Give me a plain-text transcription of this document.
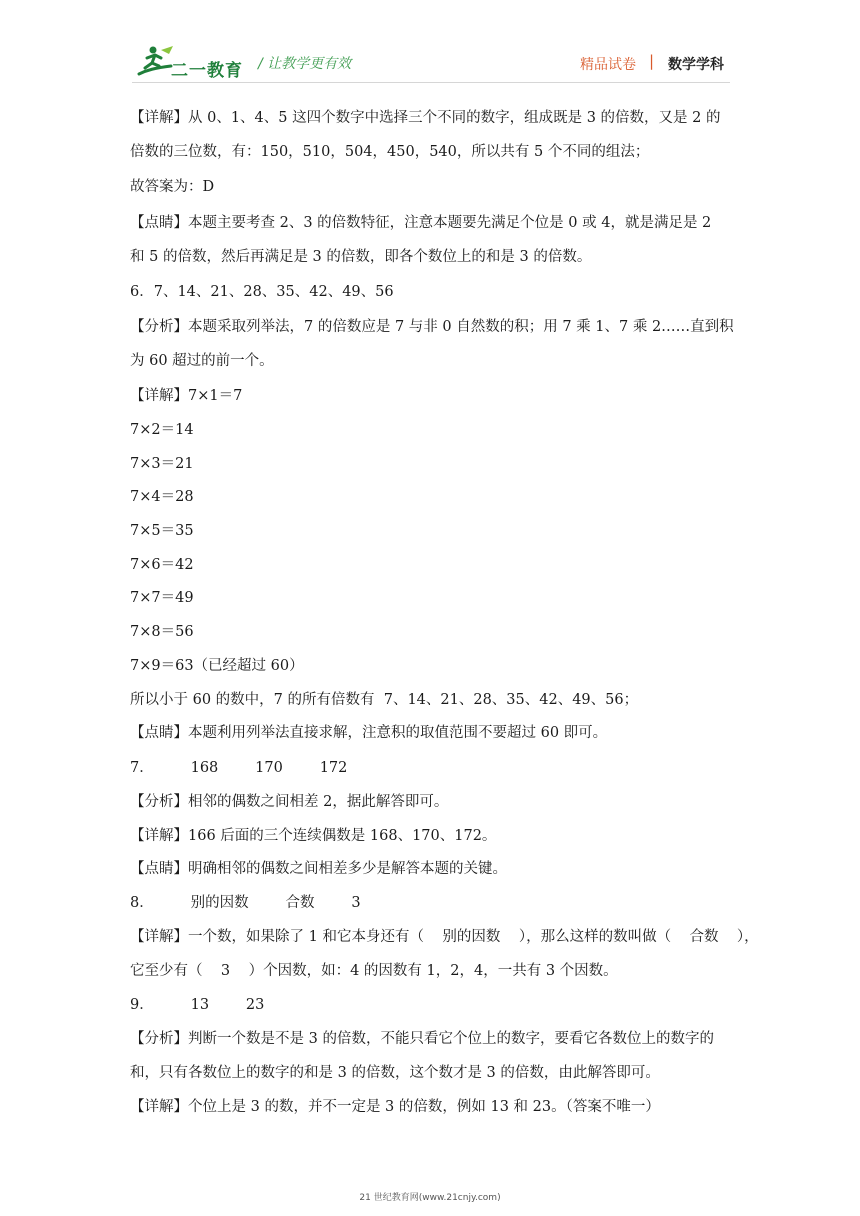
二一教育 / 让教学更有效	精品试卷 | 数学学科
【详解】从 0、1、4、5 这四个数字中选择三个不同的数字，组成既是 3 的倍数，又是 2 的
倍数的三位数，有：150，510，504，450，540，所以共有 5 个不同的组法；
故答案为：D
【点睛】本题主要考查 2、3 的倍数特征，注意本题要先满足个位是 0 或 4，就是满足是 2
和 5 的倍数，然后再满足是 3 的倍数，即各个数位上的和是 3 的倍数。
6．7、14、21、28、35、42、49、56
【分析】本题采取列举法，7 的倍数应是 7 与非 0 自然数的积；用 7 乘 1、7 乘 2……直到积
为 60 超过的前一个。
【详解】7×1＝7
7×2＝14
7×3＝21
7×4＝28
7×5＝35
7×6＝42
7×7＝49
7×8＝56
7×9＝63（已经超过 60）
所以小于 60 的数中，7 的所有倍数有  7、14、21、28、35、42、49、56；
【点睛】本题利用列举法直接求解，注意积的取值范围不要超过 60 即可。
7．        168        170        172
【分析】相邻的偶数之间相差 2，据此解答即可。
【详解】166 后面的三个连续偶数是 168、170、172。
【点睛】明确相邻的偶数之间相差多少是解答本题的关键。
8．        别的因数        合数        3
【详解】一个数，如果除了 1 和它本身还有（    别的因数    ），那么这样的数叫做（    合数    ），
它至少有（    3    ）个因数，如：4 的因数有 1，2，4，一共有 3 个因数。
9．        13        23
【分析】判断一个数是不是 3 的倍数，不能只看它个位上的数字，要看它各数位上的数字的
和，只有各数位上的数字的和是 3 的倍数，这个数才是 3 的倍数，由此解答即可。
【详解】个位上是 3 的数，并不一定是 3 的倍数，例如 13 和 23。（答案不唯一）
21 世纪教育网(www.21cnjy.com)
